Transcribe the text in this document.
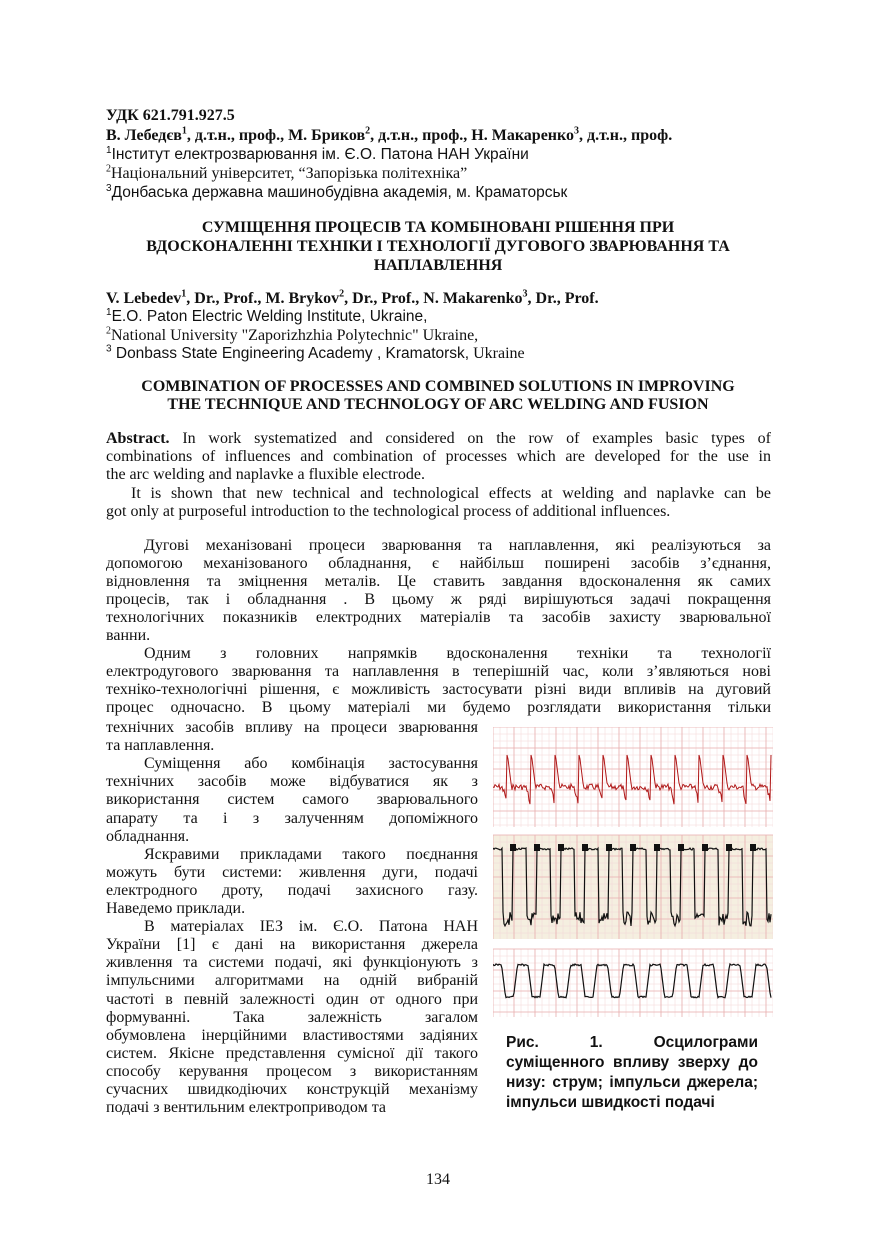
УДК 621.791.927.5
В. Лебедєв$^1$, д.т.н., проф., М. Бриков$^2$, д.т.н., проф., Н. Макаренко$^3$, д.т.н., проф.
$^1$Інститут електрозварювання ім. Є.О. Патона НАН України
$^2$Національний університет, “Запорізька політехніка”
$^3$Донбаська державна машинобудівна академія, м. Краматорськ
СУМІЩЕННЯ ПРОЦЕСІВ ТА КОМБІНОВАНІ РІШЕННЯ ПРИ
ВДОСКОНАЛЕННІ ТЕХНІКИ І ТЕХНОЛОГІЇ ДУГОВОГО ЗВАРЮВАННЯ ТА
НАПЛАВЛЕННЯ
V. Lebedev$^1$, Dr., Prof., M. Brykov$^2$, Dr., Prof., N. Makarenko$^3$, Dr., Prof.
$^1$E.O. Paton Electric Welding Institute, Ukraine,
$^2$National University "Zaporizhzhia Polytechnic" Ukraine,
$^3$ Donbass State Engineering Academy , Kramatorsk, Ukraine
COMBINATION OF PROCESSES AND COMBINED SOLUTIONS IN IMPROVING
THE TECHNIQUE AND TECHNOLOGY OF ARC WELDING AND FUSION
Abstract. In work systematized and considered on the row of examples basic types of
combinations of influences and combination of processes which are developed for the use in
the arc welding and naplavke a fluxible electrode.
It is shown that new technical and technological effects at welding and naplavke can be
got only at purposeful introduction to the technological process of additional influences.
Дугові механізовані процеси зварювання та наплавлення, які реалізуються за
допомогою механізованого обладнання, є найбільш поширені засобів з’єднання,
відновлення та зміцнення металів. Це ставить завдання вдосконалення як самих
процесів, так і обладнання . В цьому ж ряді вирішуються задачі покращення
технологічних показників електродних матеріалів та засобів захисту зварювальної
ванни.
Одним з головних напрямків вдосконалення техніки та технології
електродугового зварювання та наплавлення в теперішній час, коли з’являються нові
техніко-технологічні рішення, є можливість застосувати різні види впливів на дуговий
процес одночасно. В цьому матеріалі ми будемо розглядати використання тільки
технічних засобів впливу на процеси зварювання
та наплавлення.
Суміщення або комбінація застосування
технічних засобів може відбуватися як з
використання систем самого зварювального
апарату та і з залученням допоміжного
обладнання.
Яскравими прикладами такого поєднання
можуть бути системи: живлення дуги, подачі
електродного дроту, подачі захисного газу.
Наведемо приклади.
В матеріалах ІЕЗ ім. Є.О. Патона НАН
України [1] є дані на використання джерела
живлення та системи подачі, які функціонують з
імпульсними алгоритмами на одній вибраній
частоті в певній залежності один от одного при
формуванні. Така залежність загалом
обумовлена інерційними властивостями задіяних
систем. Якісне представлення сумісної дії такого
способу керування процесом з використанням
сучасних швидкодіючих конструкцій механізму
подачі з вентильним електроприводом та
Рис. 1. Осцилограми
суміщенного впливу зверху до
низу: струм; імпульси джерела;
імпульси швидкості подачі
134
